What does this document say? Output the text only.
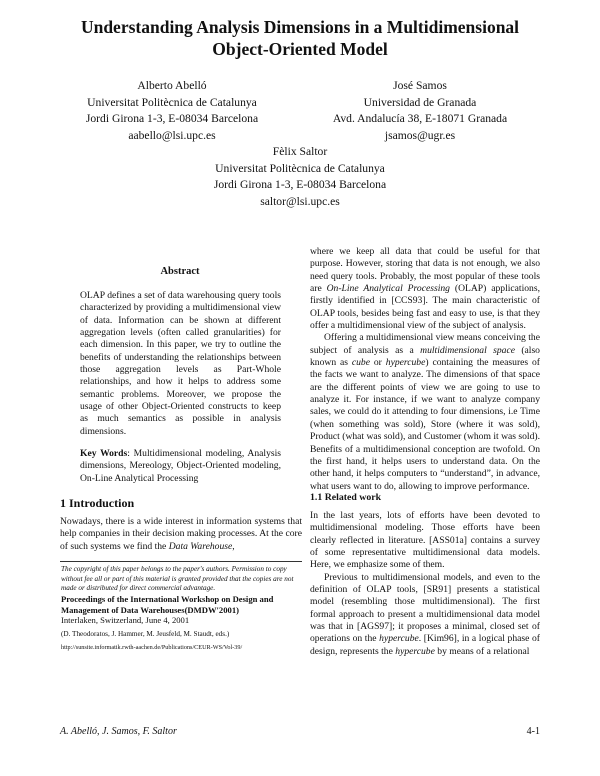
Understanding Analysis Dimensions in a Multidimensional
Object-Oriented Model
Alberto Abelló
Universitat Politècnica de Catalunya
Jordi Girona 1-3, E-08034 Barcelona
aabello@lsi.upc.es
José Samos
Universidad de Granada
Avd. Andalucía 38, E-18071 Granada
jsamos@ugr.es
Fèlix Saltor
Universitat Politècnica de Catalunya
Jordi Girona 1-3, E-08034 Barcelona
saltor@lsi.upc.es
Abstract

OLAP defines a set of data warehousing query tools characterized by providing a multidimensional view of data. Information can be shown at different aggregation levels (often called granularities) for each dimension. In this paper, we try to outline the benefits of understanding the relationships between those aggregation levels as Part-Whole relationships, and how it helps to address some semantic problems. Moreover, we propose the usage of other Object-Oriented constructs to keep as much semantics as possible in analysis dimensions.

Key Words: Multidimensional modeling, Analysis dimensions, Mereology, Object-Oriented modeling, On-Line Analytical Processing

1 Introduction

Nowadays, there is a wide interest in information systems that help companies in their decision making processes. At the core of such systems we find the Data Warehouse,

The copyright of this paper belongs to the paper's authors. Permission to copy without fee all or part of this material is granted provided that the copies are not made or distributed for direct commercial advantage.
Proceedings of the International Workshop on Design and Management of Data Warehouses(DMDW'2001)
Interlaken, Switzerland, June 4, 2001
(D. Theodoratos, J. Hammer, M. Jeusfeld, M. Staudt, eds.)
http://sunsite.informatik.rwth-aachen.de/Publications/CEUR-WS/Vol-39/

where we keep all data that could be useful for that purpose. However, storing that data is not enough, we also need query tools. Probably, the most popular of these tools are On-Line Analytical Processing (OLAP) applications, firstly identified in [CCS93]. The main characteristic of OLAP tools, besides being fast and easy to use, is that they offer a multidimensional view of the subject of analysis.

Offering a multidimensional view means conceiving the subject of analysis as a multidimensional space (also known as cube or hypercube) containing the measures of the facts we want to analyze. The dimensions of that space are the different points of view we are going to use to analyze it. For instance, if we want to analyze company sales, we could do it attending to four dimensions, i.e Time (when something was sold), Store (where it was sold), Product (what was sold), and Customer (whom it was sold). Benefits of a multidimensional conception are twofold. On the first hand, it helps users to understand data. On the other hand, it helps computers to “understand”, in advance, what users want to do, allowing to improve performance.

1.1 Related work

In the last years, lots of efforts have been devoted to multidimensional modeling. Those efforts have been clearly reflected in literature. [ASS01a] contains a survey of some representative multidimensional data models. Here, we emphasize some of them.

Previous to multidimensional models, and even to the definition of OLAP tools, [SR91] presents a statistical model (resembling those multidimensional). The first formal approach to present a multidimensional data model was that in [AGS97]; it proposes a minimal, closed set of operations on the hypercube. [Kim96], in a logical phase of design, represents the hypercube by means of a relational

A. Abelló, J. Samos, F. Saltor	4-1
